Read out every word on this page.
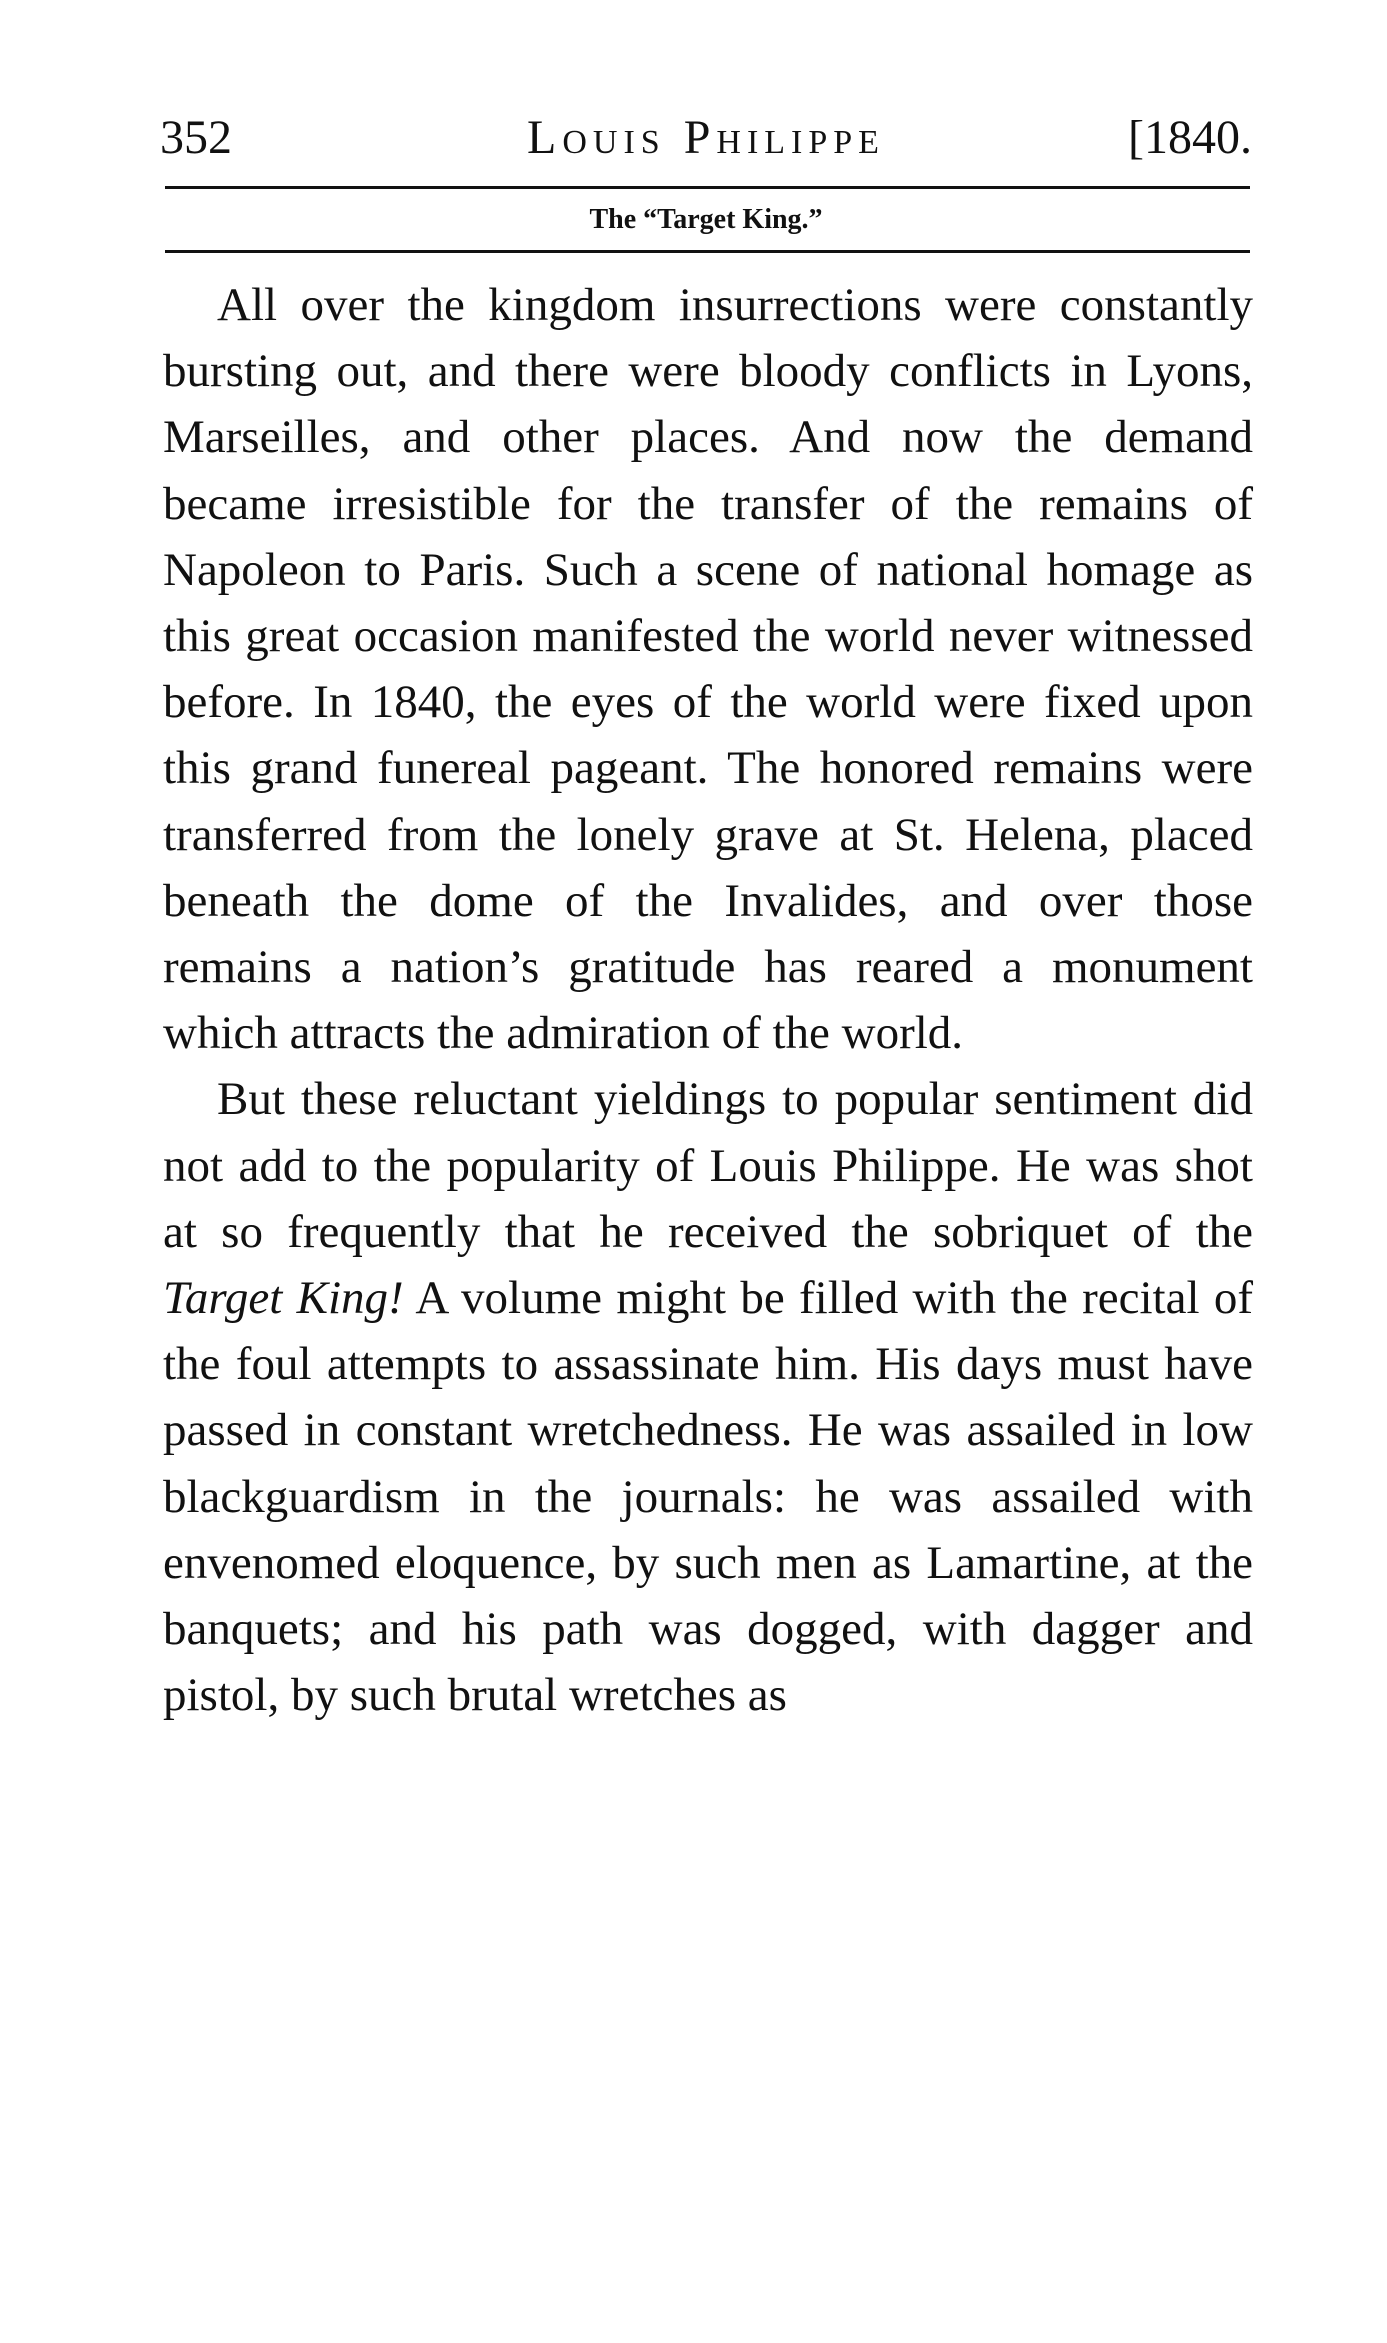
352	Louis Philippe	[1840.
The “Target King.”

All over the kingdom insurrections were constantly bursting out, and there were bloody conflicts in Lyons, Marseilles, and other places. And now the demand became irresistible for the transfer of the remains of Napoleon to Paris. Such a scene of national homage as this great occasion manifested the world never witnessed before. In 1840, the eyes of the world were fixed upon this grand funereal pageant. The honored remains were transferred from the lonely grave at St. Helena, placed beneath the dome of the Invalides, and over those remains a nation’s gratitude has reared a monument which attracts the admiration of the world.

But these reluctant yieldings to popular sentiment did not add to the popularity of Louis Philippe. He was shot at so frequently that he received the sobriquet of the Target King! A volume might be filled with the recital of the foul attempts to assassinate him. His days must have passed in constant wretchedness. He was assailed in low blackguardism in the journals: he was assailed with envenomed eloquence, by such men as Lamartine, at the banquets; and his path was dogged, with dagger and pistol, by such brutal wretches as
